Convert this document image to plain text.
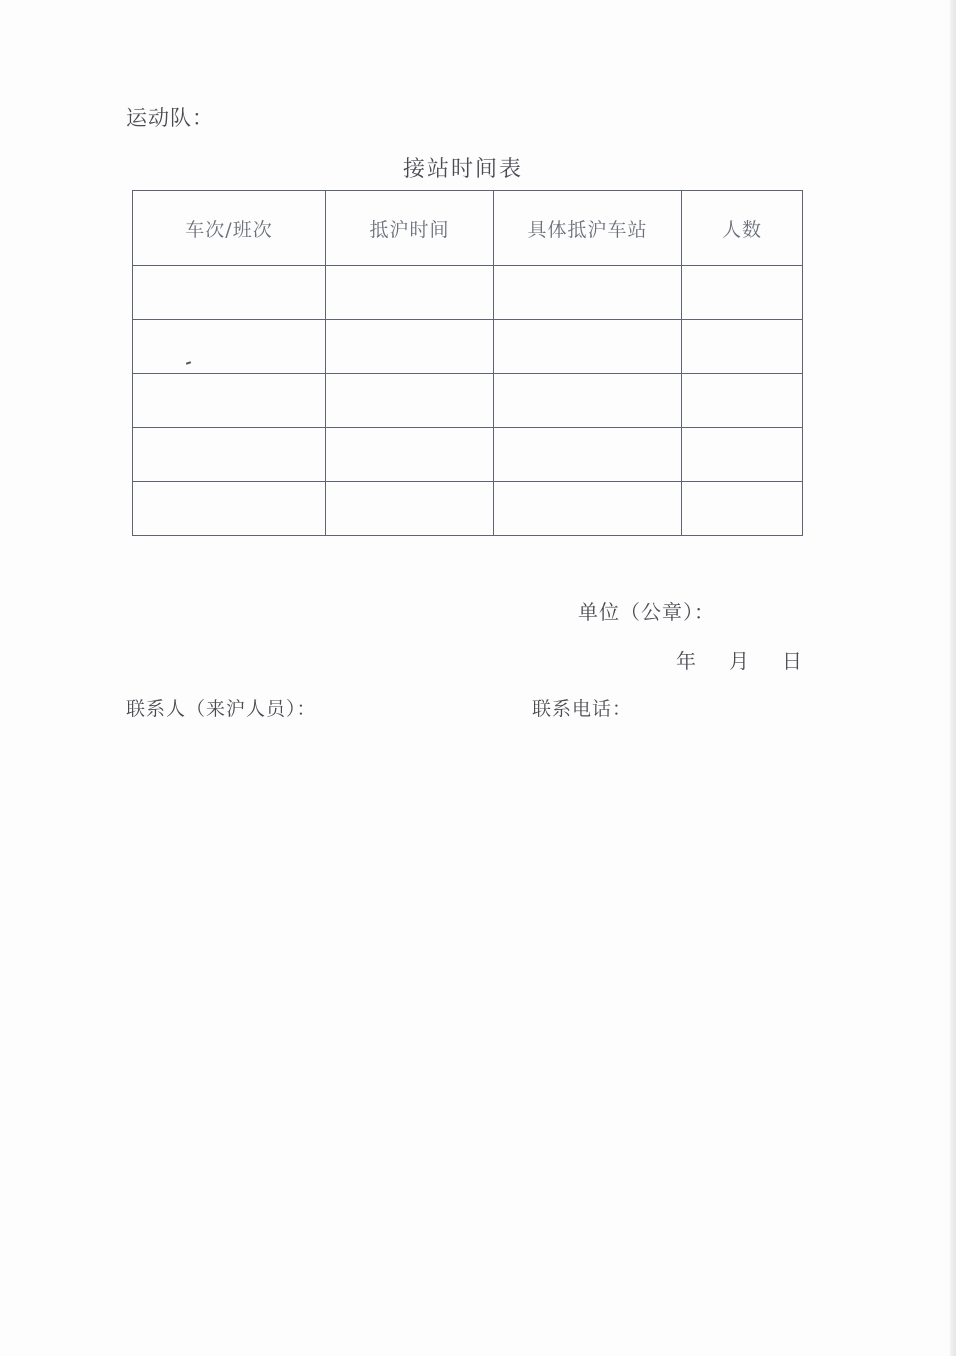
运动队：
接站时间表
车次/班次	抵沪时间	具体抵沪车站	人数

单位（公章）：
年 月 日
联系人（来沪人员）：	联系电话：
